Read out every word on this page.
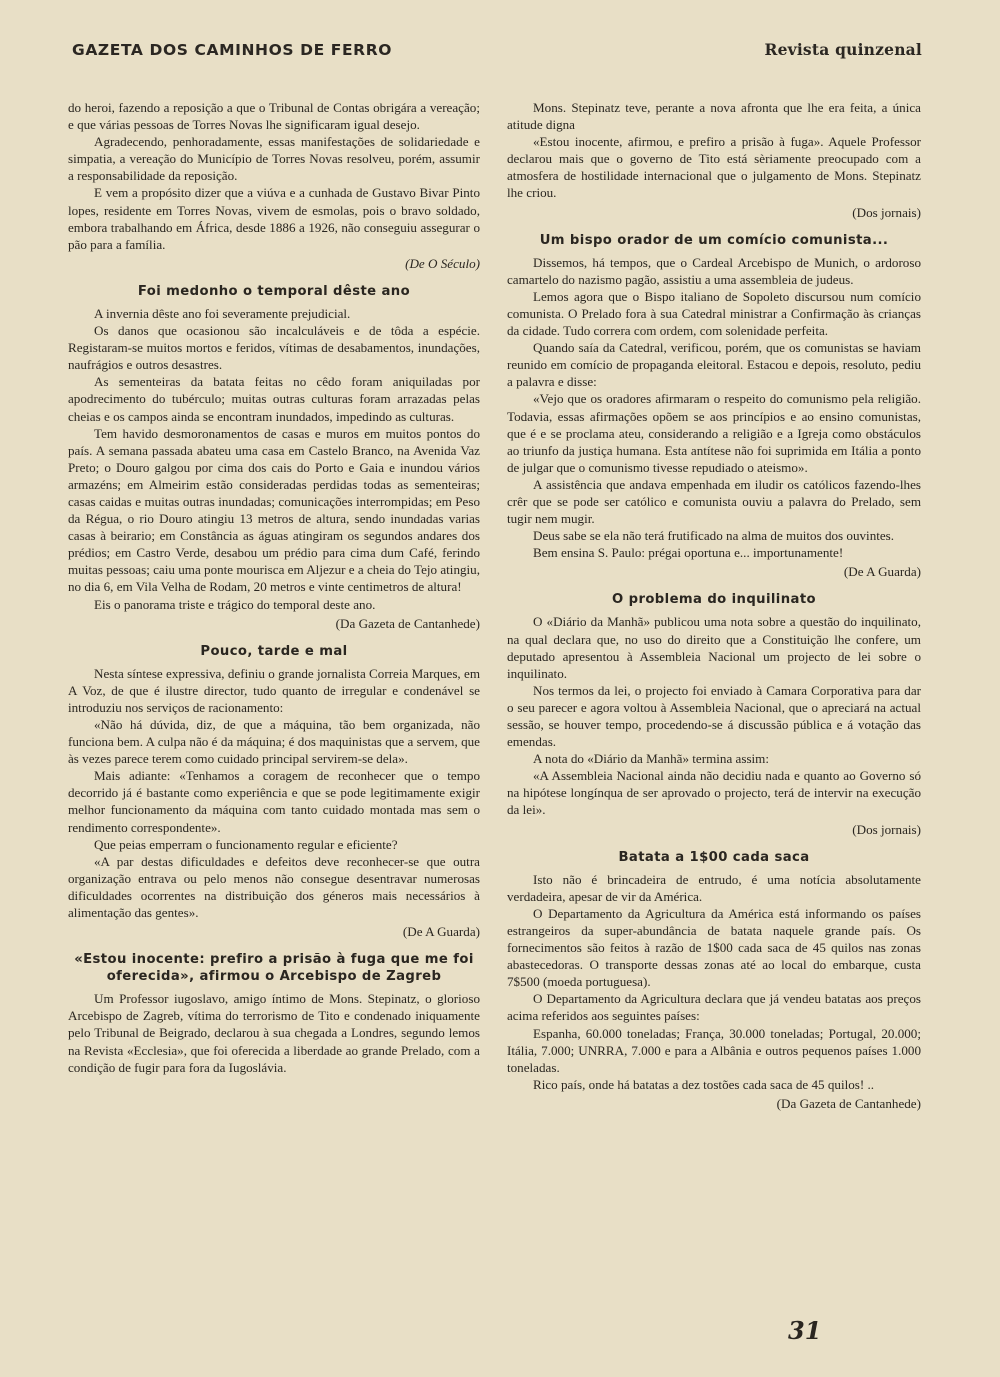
GAZETA DOS CAMINHOS DE FERRO	Revista quinzenal

do heroi, fazendo a reposição a que o Tribunal de Contas obrigára a vereação; e que várias pessoas de Torres Novas lhe significaram igual desejo.

Agradecendo, penhoradamente, essas manifestações de solidariedade e simpatia, a vereação do Município de Torres Novas resolveu, porém, assumir a responsabilidade da reposição.

E vem a propósito dizer que a viúva e a cunhada de Gustavo Bivar Pinto lopes, residente em Torres Novas, vivem de esmolas, pois o bravo soldado, embora trabalhando em África, desde 1886 a 1926, não conseguiu assegurar o pão para a família.

(De O Século)

Foi medonho o temporal dêste ano

A invernia dêste ano foi severamente prejudicial.

Os danos que ocasionou são incalculáveis e de tôda a espécie. Registaram-se muitos mortos e feridos, vítimas de desabamentos, inundações, naufrágios e outros desastres.

As sementeiras da batata feitas no cêdo foram aniquiladas por apodrecimento do tubérculo; muitas outras culturas foram arrazadas pelas cheias e os campos ainda se encontram inundados, impedindo as culturas.

Tem havido desmoronamentos de casas e muros em muitos pontos do país. A semana passada abateu uma casa em Castelo Branco, na Avenida Vaz Preto; o Douro galgou por cima dos cais do Porto e Gaia e inundou vários armazéns; em Almeirim estão consideradas perdidas todas as sementeiras; casas caidas e muitas outras inundadas; comunicações interrompidas; em Peso da Régua, o rio Douro atingiu 13 metros de altura, sendo inundadas varias casas à beirario; em Constância as águas atingiram os segundos andares dos prédios; em Castro Verde, desabou um prédio para cima dum Café, ferindo muitas pessoas; caiu uma ponte mourisca em Aljezur e a cheia do Tejo atingiu, no dia 6, em Vila Velha de Rodam, 20 metros e vinte centimetros de altura!

Eis o panorama triste e trágico do temporal deste ano.

(Da Gazeta de Cantanhede)

Pouco, tarde e mal

Nesta síntese expressiva, definiu o grande jornalista Correia Marques, em A Voz, de que é ilustre director, tudo quanto de irregular e condenável se introduziu nos serviços de racionamento:

«Não há dúvida, diz, de que a máquina, tão bem organizada, não funciona bem. A culpa não é da máquina; é dos maquinistas que a servem, que às vezes parece terem como cuidado principal servirem-se dela».

Mais adiante: «Tenhamos a coragem de reconhecer que o tempo decorrido já é bastante como experiência e que se pode legitimamente exigir melhor funcionamento da máquina com tanto cuidado montada mas sem o rendimento correspondente».

Que peias emperram o funcionamento regular e eficiente?

«A par destas dificuldades e defeitos deve reconhecer-se que outra organização entrava ou pelo menos não consegue desentravar numerosas dificuldades ocorrentes na distribuição dos géneros mais necessários à alimentação das gentes».

(De A Guarda)

«Estou inocente: prefiro a prisão à fuga que me foi oferecida», afirmou o Arcebispo de Zagreb

Um Professor iugoslavo, amigo íntimo de Mons. Stepinatz, o glorioso Arcebispo de Zagreb, vítima do terrorismo de Tito e condenado iniquamente pelo Tribunal de Beigrado, declarou à sua chegada a Londres, segundo lemos na Revista «Ecclesia», que foi oferecida a liberdade ao grande Prelado, com a condição de fugir para fora da Iugoslávia.

Mons. Stepinatz teve, perante a nova afronta que lhe era feita, a única atitude digna

«Estou inocente, afirmou, e prefiro a prisão à fuga». Aquele Professor declarou mais que o governo de Tito está sèriamente preocupado com a atmosfera de hostilidade internacional que o julgamento de Mons. Stepinatz lhe criou.

(Dos jornais)

Um bispo orador de um comício comunista...

Dissemos, há tempos, que o Cardeal Arcebispo de Munich, o ardoroso camartelo do nazismo pagão, assistiu a uma assembleia de judeus.

Lemos agora que o Bispo italiano de Sopoleto discursou num comício comunista. O Prelado fora à sua Catedral ministrar a Confirmação às crianças da cidade. Tudo correra com ordem, com solenidade perfeita.

Quando saía da Catedral, verificou, porém, que os comunistas se haviam reunido em comício de propaganda eleitoral. Estacou e depois, resoluto, pediu a palavra e disse:

«Vejo que os oradores afirmaram o respeito do comunismo pela religião. Todavia, essas afirmações opõem se aos princípios e ao ensino comunistas, que é e se proclama ateu, considerando a religião e a Igreja como obstáculos ao triunfo da justiça humana. Esta antítese não foi suprimida em Itália a ponto de julgar que o comunismo tivesse repudiado o ateismo».

A assistência que andava empenhada em iludir os católicos fazendo-lhes crêr que se pode ser católico e comunista ouviu a palavra do Prelado, sem tugir nem mugir.

Deus sabe se ela não terá frutificado na alma de muitos dos ouvintes.

Bem ensina S. Paulo: prégai oportuna e... importunamente!

(De A Guarda)

O problema do inquilinato

O «Diário da Manhã» publicou uma nota sobre a questão do inquilinato, na qual declara que, no uso do direito que a Constituição lhe confere, um deputado apresentou à Assembleia Nacional um projecto de lei sobre o inquilinato.

Nos termos da lei, o projecto foi enviado à Camara Corporativa para dar o seu parecer e agora voltou à Assembleia Nacional, que o apreciará na actual sessão, se houver tempo, procedendo-se á discussão pública e á votação das emendas.

A nota do «Diário da Manhã» termina assim:

«A Assembleia Nacional ainda não decidiu nada e quanto ao Governo só na hipótese longínqua de ser aprovado o projecto, terá de intervir na execução da lei».

(Dos jornais)

Batata a 1$00 cada saca

Isto não é brincadeira de entrudo, é uma notícia absolutamente verdadeira, apesar de vir da América.

O Departamento da Agricultura da América está informando os países estrangeiros da super-abundância de batata naquele grande país. Os fornecimentos são feitos à razão de 1$00 cada saca de 45 quilos nas zonas abastecedoras. O transporte dessas zonas até ao local do embarque, custa 7$500 (moeda portuguesa).

O Departamento da Agricultura declara que já vendeu batatas aos preços acima referidos aos seguintes países:

Espanha, 60.000 toneladas; França, 30.000 toneladas; Portugal, 20.000; Itália, 7.000; UNRRA, 7.000 e para a Albânia e outros pequenos países 1.000 toneladas.

Rico país, onde há batatas a dez tostões cada saca de 45 quilos! ..

(Da Gazeta de Cantanhede)

31
